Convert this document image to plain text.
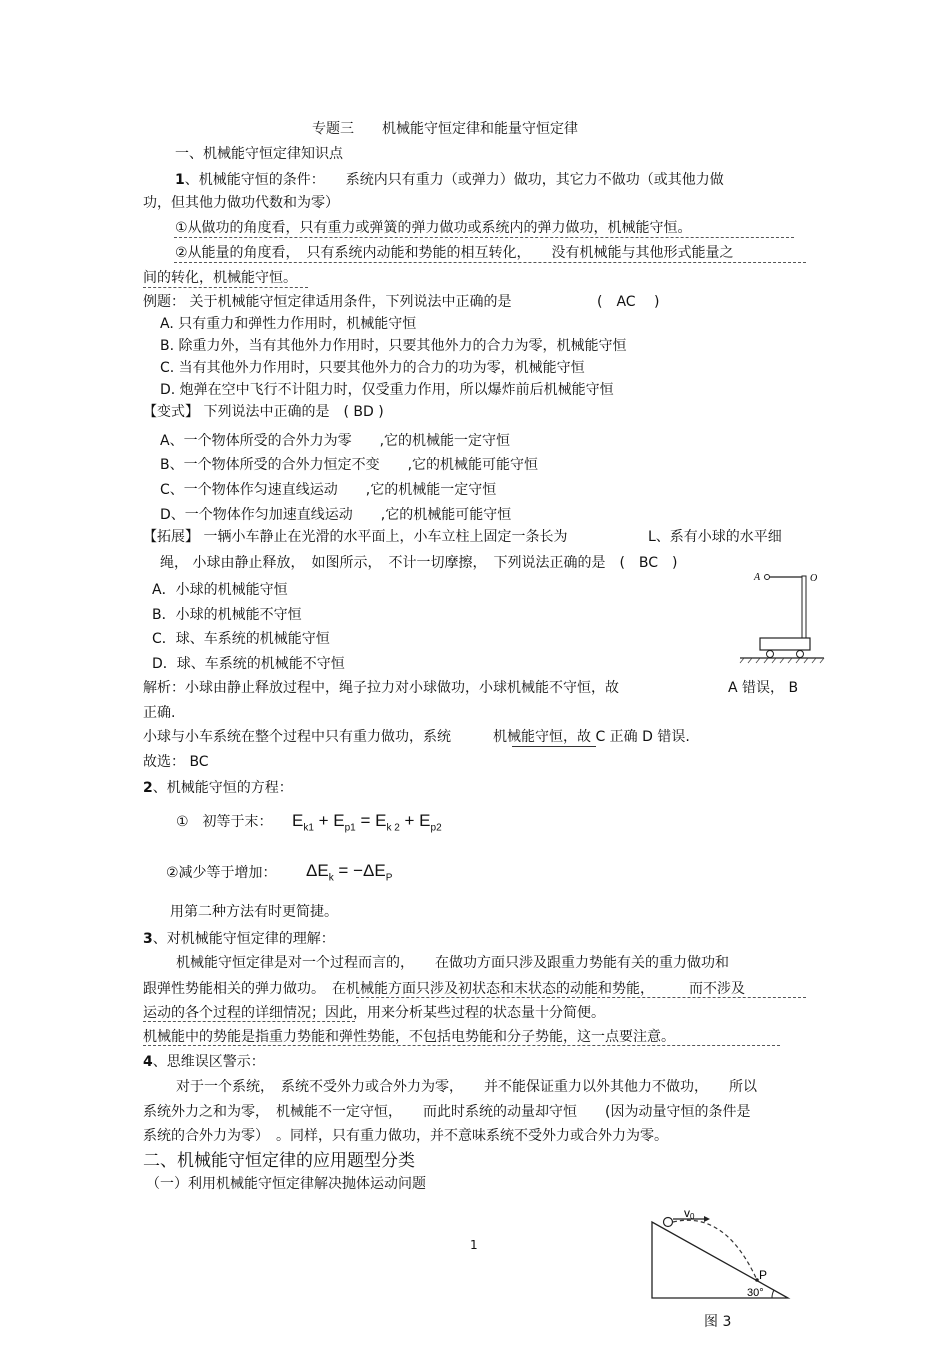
专题三　　机械能守恒定律和能量守恒定律
一、机械能守恒定律知识点
1、机械能守恒的条件：　　系统内只有重力（或弹力）做功，其它力不做功（或其他力做
功，但其他力做功代数和为零）
①从做功的角度看，只有重力或弹簧的弹力做功或系统内的弹力做功，机械能守恒。
②从能量的角度看，　只有系统内动能和势能的相互转化，　　没有机械能与其他形式能量之
间的转化，机械能守恒。
例题： 关于机械能守恒定律适用条件，下列说法中正确的是	(　AC　 )
A. 只有重力和弹性力作用时，机械能守恒
B. 除重力外，当有其他外力作用时，只要其他外力的合力为零，机械能守恒
C. 当有其他外力作用时，只要其他外力的合力的功为零，机械能守恒
D. 炮弹在空中飞行不计阻力时，仅受重力作用，所以爆炸前后机械能守恒
【变式】 下列说法中正确的是　( BD )
A、一个物体所受的合外力为零　　,它的机械能一定守恒
B、一个物体所受的合外力恒定不变　　,它的机械能可能守恒
C、一个物体作匀速直线运动　　,它的机械能一定守恒
D、一个物体作匀加速直线运动　　,它的机械能可能守恒
【拓展】 一辆小车静止在光滑的水平面上，小车立柱上固定一条长为	L、系有小球的水平细
绳， 小球由静止释放，　如图所示，　不计一切摩擦，　下列说法正确的是　(　BC　)
A．小球的机械能守恒
B．小球的机械能不守恒
C．球、车系统的机械能守恒
D．球、车系统的机械能不守恒
A	O
解析：小球由静止释放过程中，绳子拉力对小球做功，小球机械能不守恒，故	A 错误， B
正确.
小球与小车系统在整个过程中只有重力做功，系统	机械能守恒，故 C 正确 D 错误.
故选： BC
2、机械能守恒的方程：
①　初等于末： $E_{k1} + E_{p1} = E_{k 2} + E_{p2}$
②减少等于增加： $\Delta E_k = -\Delta E_P$
用第二种方法有时更简捷。
3、对机械能守恒定律的理解：
机械能守恒定律是对一个过程而言的，　　在做功方面只涉及跟重力势能有关的重力做功和
跟弹性势能相关的弹力做功。　在机械能方面只涉及初状态和末状态的动能和势能，　　　而不涉及
运动的各个过程的详细情况；因此，用来分析某些过程的状态量十分简便。
机械能中的势能是指重力势能和弹性势能，不包括电势能和分子势能，这一点要注意。
4、思维误区警示：
对于一个系统，　系统不受外力或合外力为零，　　并不能保证重力以外其他力不做功，　　所以
系统外力之和为零，　机械能不一定守恒，　　而此时系统的动量却守恒　　(因为动量守恒的条件是
系统的合外力为零）　。同样，只有重力做功，并不意味系统不受外力或合外力为零。
二、机械能守恒定律的应用题型分类
（一）利用机械能守恒定律解决抛体运动问题
1
v0
P
30°
图 3
